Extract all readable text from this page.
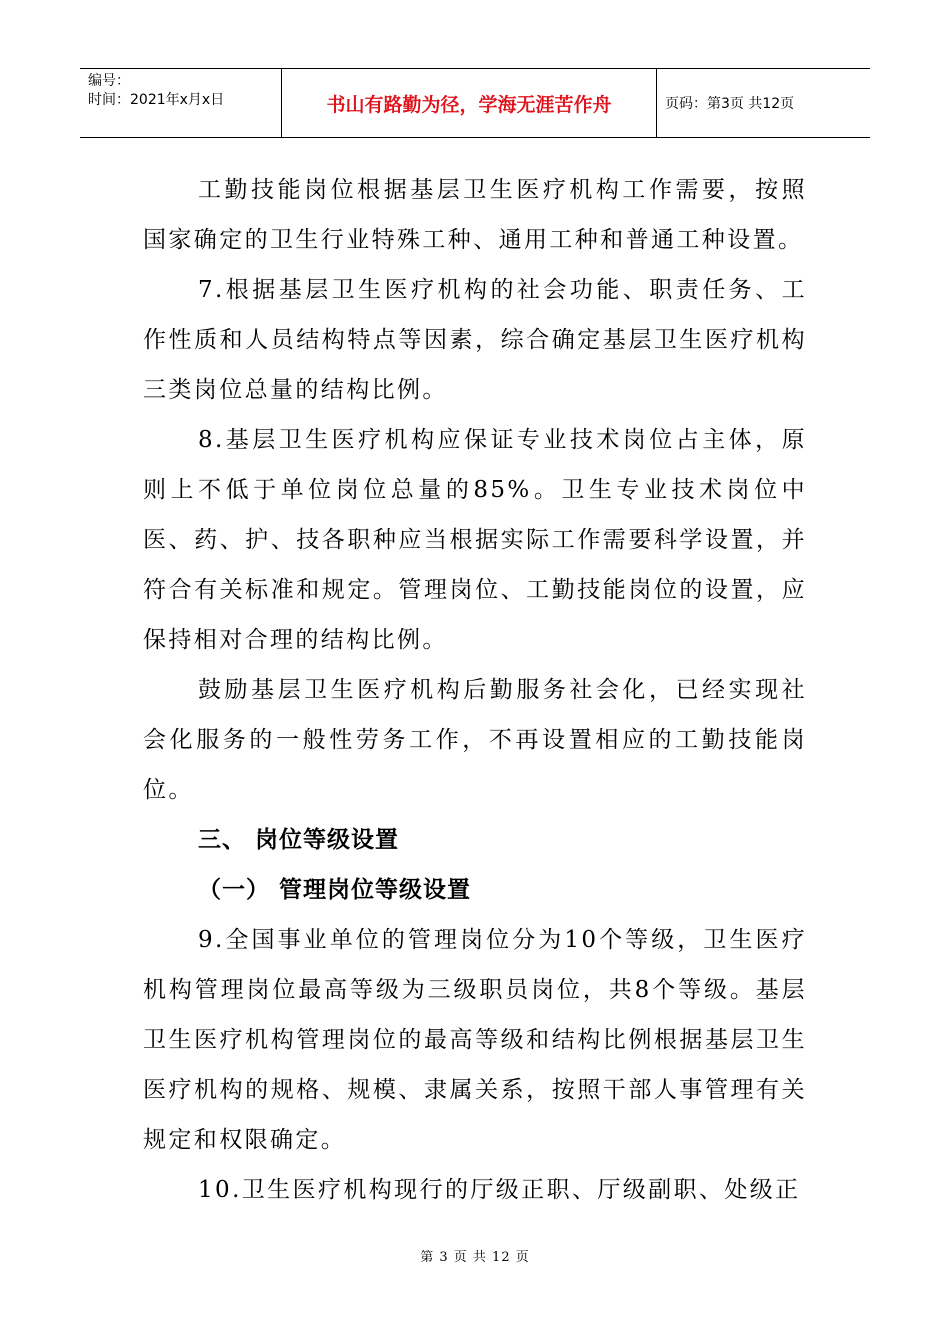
编号：
时间：2021年x月x日	书山有路勤为径，学海无涯苦作舟	页码：第3页 共12页

工勤技能岗位根据基层卫生医疗机构工作需要，按照国家确定的卫生行业特殊工种、通用工种和普通工种设置。

7.根据基层卫生医疗机构的社会功能、职责任务、工作性质和人员结构特点等因素，综合确定基层卫生医疗机构三类岗位总量的结构比例。

8.基层卫生医疗机构应保证专业技术岗位占主体，原则上不低于单位岗位总量的85%。卫生专业技术岗位中医、药、护、技各职种应当根据实际工作需要科学设置，并符合有关标准和规定。管理岗位、工勤技能岗位的设置，应保持相对合理的结构比例。

鼓励基层卫生医疗机构后勤服务社会化，已经实现社会化服务的一般性劳务工作，不再设置相应的工勤技能岗位。

三、 岗位等级设置

（一） 管理岗位等级设置

9.全国事业单位的管理岗位分为10个等级，卫生医疗机构管理岗位最高等级为三级职员岗位，共8个等级。基层卫生医疗机构管理岗位的最高等级和结构比例根据基层卫生医疗机构的规格、规模、隶属关系，按照干部人事管理有关规定和权限确定。

10.卫生医疗机构现行的厅级正职、厅级副职、处级正

第 3 页 共 12 页
